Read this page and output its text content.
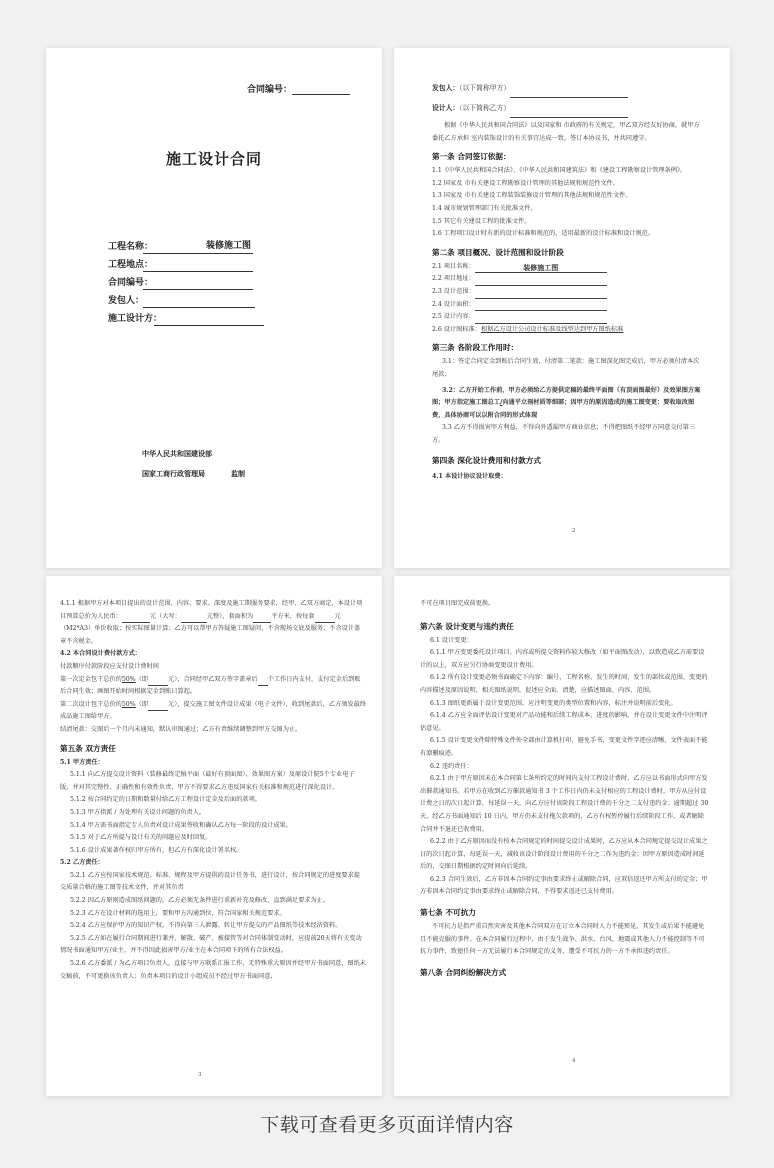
合同编号：
施工设计合同
工程名称：	装修施工图
工程地点：
合同编号：
发包人：
施工设计方：
中华人民共和国建设部
国家工商行政管理局	监制
发包人：（以下简称甲方）
设计人：（以下简称乙方）
根据《中华人民共和国合同法》以及国家和 市政府的有关规定，甲乙双方经友好协商，就甲方委托乙方承担 室内装饰设计的有关事宜达成一致，签订本协议书，并共同遵守。
第一条 合同签订依据：

1.1《中华人民共和国合同法》、《中华人民共和国建筑法》和《建设工程勘察设计管理条例》。

1.2 国家及 市有关建设工程勘察设计管理的其他法规和规范性文件。

1.3 国家及 市有关建设工程装饰装修设计管理的其他法规和规范性文件。

1.4 城市规划管理部门有关批准文件。

1.5 其它有关建设工程的批准文件。

1.6 工程项目设计时有新的设计标准和规范的，适用最新的设计标准和设计规范。

第二条 项目概况、设计范围和设计阶段

2.1 项目名称：	装修施工图

2.2 项目地址：

2.3 设计范围：

2.4 设计面积：

2.5 设计内容：

2.6 设计图标准：根据乙方设计公司设计标准及线型达到甲方图纸标准

第三条 各阶段工作用时：

3.1：签定合同定金到账后合同生效，付清第二笔款：施工图深化图完成后，甲方必须付清本次尾款；

3.2：乙方开始工作前，甲方必须给乙方提供定稿的最终平面图（有顶面图最好）及效果图方案图；甲方指定施工图总工/向通平立剖材质等细部；因甲方的原因造成的施工图变更：要收取改图费，具体协商可以以附合同的形式体现

3.3 乙方不得损害甲方利益，不得向外透漏甲方商业信息；不得把图纸不经甲方同意交付第三方。

第四条 深化设计费用和付款方式
4.1 本设计协议设计取费：
2

4.1.1 根据甲方对本项目提出的设计范围、内容、要求、深度及施工期服务要求，经甲、乙双方商定，本设计项目预算总价为人民币：	元（大写：	元整），套面积为	平方米，按每套	元（M2*A3）单价收取；按实际图量计算；乙方可以帮甲方答疑施工图疑问，不含现场交底及服务；不含设计盖章不含税金。

4.2 本合同设计费付款方式：

付款顺序付款阶段应支付设计费时间

第一次定金包干总价的50%（即	元），合同经甲乙双方签字盖章后 个工作日内支付，支付定金后到账后合同生效；画图开始时间根据定金到账日算起。

第二次设计包干总价的50%（即	元），提交施工图文件设计成果（电子文件），收到尾款后，乙方须发最终成品施工图给甲方。

结清尾款：交图后一个月内未通知，默认审图通过；乙方有责维续调整到甲方交图为止。

第五条 双方责任
5.1 甲方责任：

5.1.1 向乙方提交设计资料（装修最终定稿平面（最好有顶面图）、效果图方案）及原设计院5个专业电子版，并对其完整性、正确性和有效性负责，甲方不得要求乙方违反国家有关标准和规范进行深化设计。

5.1.2 按合同约定的日期和数量付给乙方工程设计定金及后面的款项。

5.1.3 甲方指派 / 为处理有关设计问题的负责人。

5.1.4 甲方需书面指定专人负责对设计成果签收和确认乙方每一阶段的设计成果。

5.1.5 对于乙方所提与设计有关的问题应及时回复。

5.1.6 设计成果著作权归甲方所有，但乙方有深化设计署名权。

5.2 乙方责任：

5.2.1 乙方应按国家技术规范、标准、规程及甲方提供的设计任务书，进行设计，按合同规定的进度要求提交质量合格的施工图等技术文件，并对其负责

5.2.2 因乙方原则造成图纸问题的，乙方必须无条件进行重新补充及修改，直到满足要求为止。

5.2.3 乙方在设计材料的选用上，要和甲方沟通到位，符合国家相关规范要求。

5.2.4 乙方应保护甲方的知识产权，不得向第三人泄露、转让甲方提交的产品图纸等技术经济资料。

5.2.5 乙方如在履行合同期间进行兼并、解散、破产、被接管等对合同体制变动时，应提前20天将有关变动情况书面通知甲方/业主，并不得因此损害甲方/业主在本合同项下的所有合法权益。

5.2.6 乙方委派 / 为乙方项目负责人，直接与甲方联系汇报工作，无特殊重大原因并经甲方书面同意，图纸未交稿前，不可更换该负责人；负责本项目的设计小组成员不经过甲方书面同意，

3
不可在项目图完成前更换。
第六条 设计变更与违约责任

6.1 设计变更：

6.1.1 甲方变更委托设计项目、内容或所提交资料作较大修改（如平面图改动），以致造成乙方需要设计的以上，双方应另行协商变更设计费用。

6.1.2 所有设计变更必须书面确定下内容：编号、工程名称、发生的时间、发生的部位或范围、变更的内容描述及原因说明、相关图纸说明，促述应全面、清楚，应描述图面、内容、范围。

6.1.3 图纸更新属于设计变更范围，应注明变更的类型位置和内容，标注并说明前后变化。

6.1.4 乙方应全面评估设计变更对产品功能和后续工程成本、进度的影响，并在设计变更文件中注明评估意见。

6.1.5 设计变更文件除特殊文件外全部由计算机打印，避免手书，变更文件字迹应清晰，文件表面不能有潦删痕迹。

6.2 违约责任：

6.2.1 由于甲方原因未在本合同第七条所约定的时间内支付工程设计费时，乙方应以书面形式向甲方发出催款通知书。若甲方在收到乙方催款通知书 3 个工作日内仍未支付相应的工程设计费时，甲方从应付设计费之日的次日起计算，每延误一天，向乙方应付该阶段工程设计费的千分之二支付违约金；逾期超过 30 天，经乙方书面通知后 10 日内，甲方仍未支付拖欠款项的，乙方有权暂停履行后续阶段工作，或者解除合同并不退还已收费用。

6.2.2 由于乙方原因而没有按本合同规定的时间提交设计成果时，乙方应从本合同规定提交设计成果之日的次日起计算，每延误一天，减收该设计阶段设计费用的千分之二作为违约金；因甲方原因造成时间延后的，交图日期根据约定时间向后延续。

6.2.3 合同生效后，乙方非因本合同约定事由要求终止或解除合同，应双倍返还甲方所支付的定金；甲方非因本合同约定事由要求终止或解除合同，不得要求返还已支付费用。

第七条 不可抗力
不可抗力是指严重自然灾害及其他本合同双方在订立本合同时人力不能预见，其发生或后果不能避免且不能克服的事件。在本合同履行过程中，由于发生战争、洪水、台风、地震或其他人力不能控制等不可抗力事件，致使任何一方无法履行本合同规定的义务，遭受不可抗力的一方不承担违约责任。
第八条 合同纠纷解决方式
4
下载可查看更多页面详情内容
